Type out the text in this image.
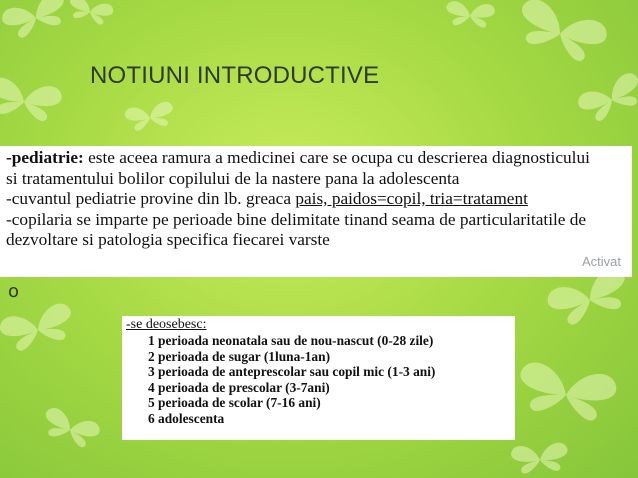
NOTIUNI INTRODUCTIVE
-pediatrie: este aceea ramura a medicinei care se ocupa cu descrierea diagnosticului
si tratamentului bolilor copilului de la nastere pana la adolescenta
-cuvantul pediatrie provine din lb. greaca pais, paidos=copil, tria=tratament
-copilaria se imparte pe perioade bine delimitate tinand seama de particularitatile de
dezvoltare si patologia specifica fiecarei varste
Activat
o
-se deosebesc:
1 perioada neonatala sau de nou-nascut (0-28 zile)
2 perioada de sugar (1luna-1an)
3 perioada de anteprescolar sau copil mic (1-3 ani)
4 perioada de prescolar (3-7ani)
5 perioada de scolar (7-16 ani)
6 adolescenta
